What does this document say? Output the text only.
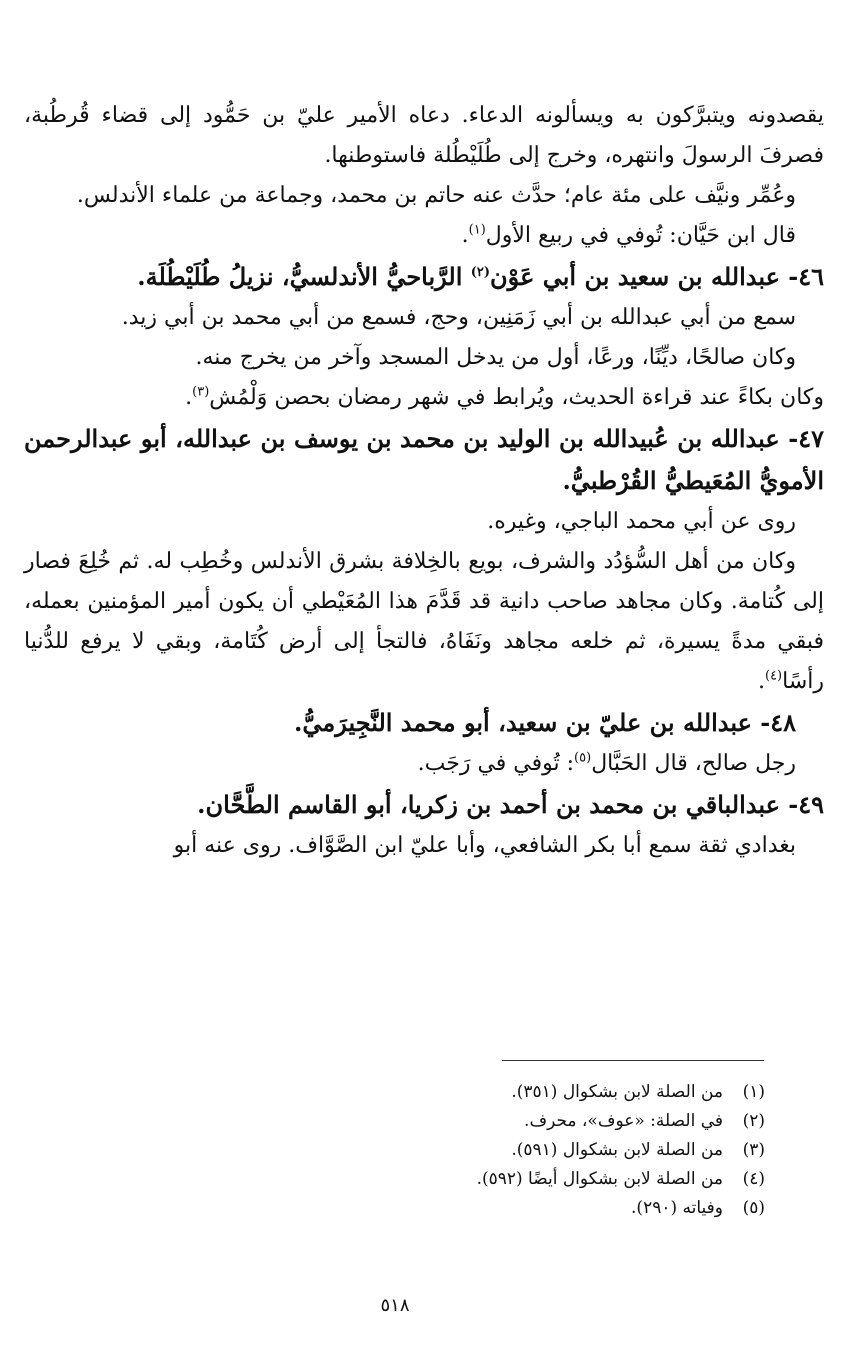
يقصدونه ويتبرَّكون به ويسألونه الدعاء. دعاه الأمير عليّ بن حَمُّود إلى قضاء قُرطُبة، فصرفَ الرسولَ وانتهره، وخرج إلى طُلَيْطُلة فاستوطنها.

وعُمِّر ونيَّف على مئة عام؛ حدَّث عنه حاتم بن محمد، وجماعة من علماء الأندلس.

قال ابن حَيَّان: تُوفي في ربيع الأول$^{(١)}$.

٤٦- عبدالله بن سعيد بن أبي عَوْن$^{(٢)}$ الرَّباحيُّ الأندلسيُّ، نزيلُ طُلَيْطُلَة.

سمع من أبي عبدالله بن أبي زَمَنِين، وحج، فسمع من أبي محمد بن أبي زيد.

وكان صالحًا، ديِّنًا، ورعًا، أول من يدخل المسجد وآخر من يخرج منه.

وكان بكاءً عند قراءة الحديث، ويُرابط في شهر رمضان بحصن وَلْمُش$^{(٣)}$.

٤٧- عبدالله بن عُبيدالله بن الوليد بن محمد بن يوسف بن عبدالله، أبو عبدالرحمن الأمويُّ المُعَيطيُّ القُرْطبيُّ.

روى عن أبي محمد الباجي، وغيره.

وكان من أهل السُّؤدُد والشرف، بويع بالخِلافة بشرق الأندلس وخُطِب له. ثم خُلِعَ فصار إلى كُتامة. وكان مجاهد صاحب دانية قد قَدَّمَ هذا المُعَيْطي أن يكون أمير المؤمنين بعمله، فبقي مدةً يسيرة، ثم خلعه مجاهد ونَفَاهُ، فالتجأ إلى أرض كُتَامة، وبقي لا يرفع للدُّنيا رأسًا$^{(٤)}$.

٤٨- عبدالله بن عليّ بن سعيد، أبو محمد النَّجِيرَميُّ.

رجل صالح، قال الحَبَّال$^{(٥)}$: تُوفي في رَجَب.

٤٩- عبدالباقي بن محمد بن أحمد بن زكريا، أبو القاسم الطَّحَّان.

بغدادي ثقة سمع أبا بكر الشافعي، وأبا عليّ ابن الصَّوَّاف. روى عنه أبو

(١)
من الصلة لابن بشكوال (٣٥١).
(٢)
في الصلة: «عوف»، محرف.
(٣)
من الصلة لابن بشكوال (٥٩١).
(٤)
من الصلة لابن بشكوال أيضًا (٥٩٢).
(٥)
وفياته (٢٩٠).
٥١٨
